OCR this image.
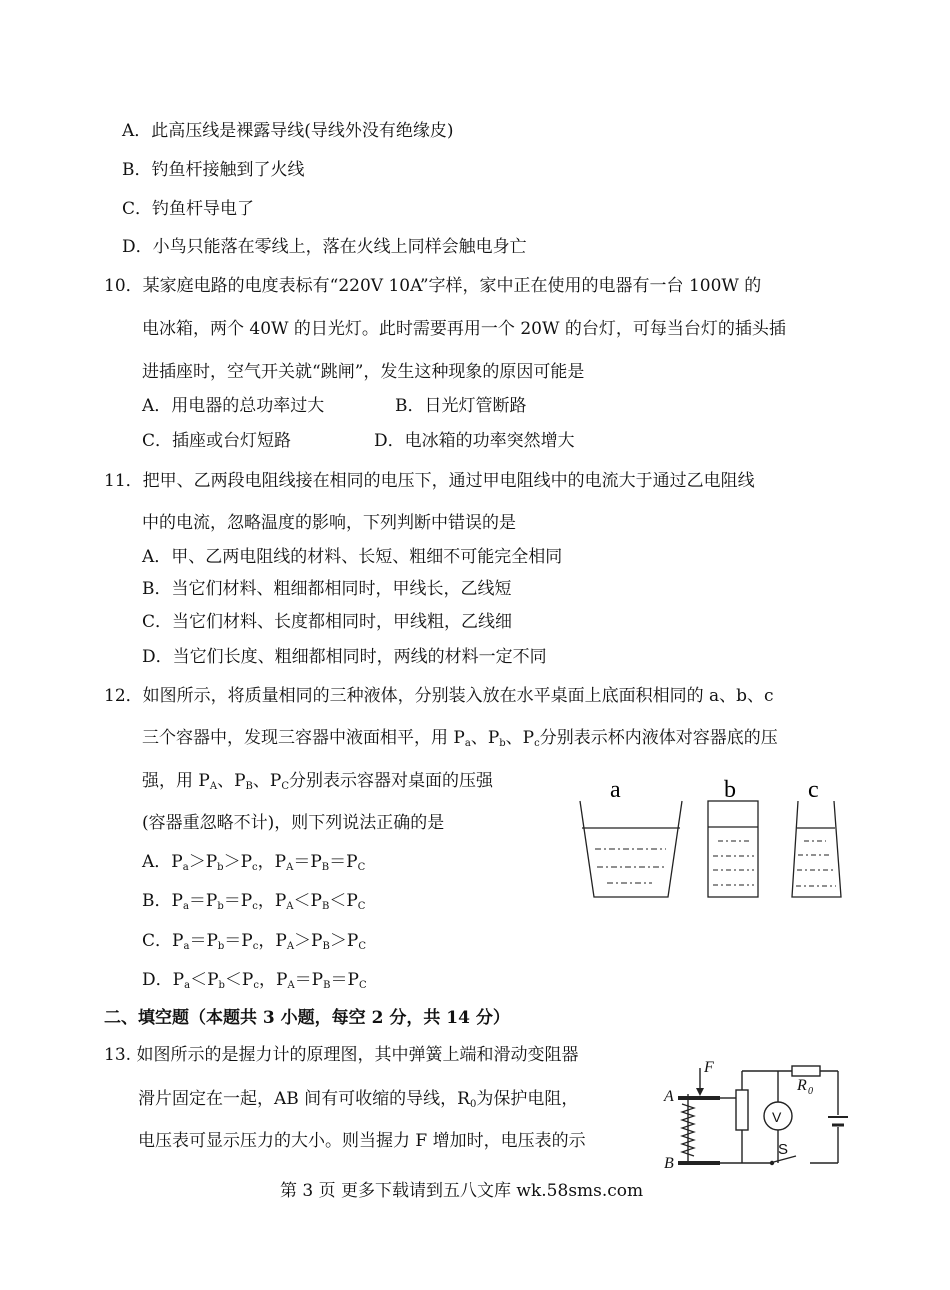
A．此高压线是裸露导线(导线外没有绝缘皮)
B．钓鱼杆接触到了火线
C．钓鱼杆导电了
D．小鸟只能落在零线上，落在火线上同样会触电身亡
10．某家庭电路的电度表标有“220V 10A”字样，家中正在使用的电器有一台 100W 的
电冰箱，两个 40W 的日光灯。此时需要再用一个 20W 的台灯，可每当台灯的插头插
进插座时，空气开关就“跳闸”，发生这种现象的原因可能是
A．用电器的总功率过大	B．日光灯管断路
C．插座或台灯短路	D．电冰箱的功率突然增大
11．把甲、乙两段电阻线接在相同的电压下，通过甲电阻线中的电流大于通过乙电阻线
中的电流，忽略温度的影响，下列判断中错误的是
A．甲、乙两电阻线的材料、长短、粗细不可能完全相同
B．当它们材料、粗细都相同时，甲线长，乙线短
C．当它们材料、长度都相同时，甲线粗，乙线细
D．当它们长度、粗细都相同时，两线的材料一定不同
12．如图所示，将质量相同的三种液体，分别装入放在水平桌面上底面积相同的 a、b、c
三个容器中，发现三容器中液面相平，用 $P_a$、$P_b$、$P_c$分别表示杯内液体对容器底的压
强，用 $P_A$、$P_B$、$P_C$分别表示容器对桌面的压强
(容器重忽略不计)，则下列说法正确的是
A．$P_a>P_b>P_c$，$P_A=P_B=P_C$
B．$P_a=P_b=P_c$，$P_A<P_B<P_C$
C．$P_a=P_b=P_c$，$P_A>P_B>P_C$
D．$P_a<P_b<P_c$，$P_A=P_B=P_C$
a	b	c
二、填空题（本题共 3 小题，每空 2 分，共 14 分）
13. 如图所示的是握力计的原理图，其中弹簧上端和滑动变阻器
滑片固定在一起，AB 间有可收缩的导线，$R_0$为保护电阻，
电压表可显示压力的大小。则当握力 F 增加时，电压表的示
F
A
B
R 0
V
S
第 3 页 更多下载请到五八文库 wk.58sms.com
